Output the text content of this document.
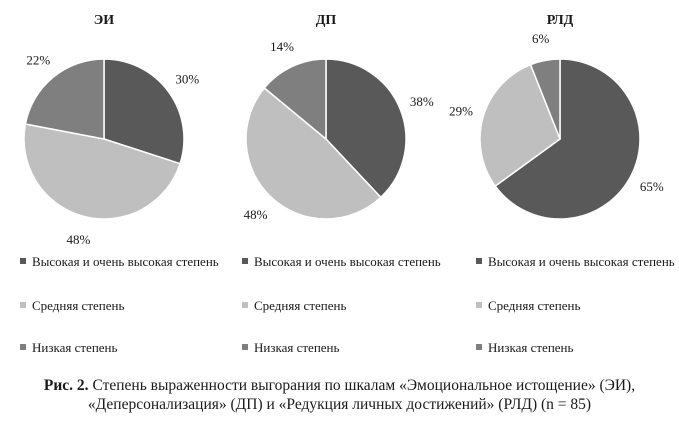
ЭИ
30%
48%
22%
ДП
38%
48%
14%
РЛД
65%
29%
6%
Высокая и очень высокая степень
Средняя степень
Низкая степень
Высокая и очень высокая степень
Средняя степень
Низкая степень
Высокая и очень высокая степень
Средняя степень
Низкая степень
Рис. 2. Степень выраженности выгорания по шкалам «Эмоциональное истощение» (ЭИ), «Деперсонализация» (ДП) и «Редукция личных достижений» (РЛД) (n = 85)
